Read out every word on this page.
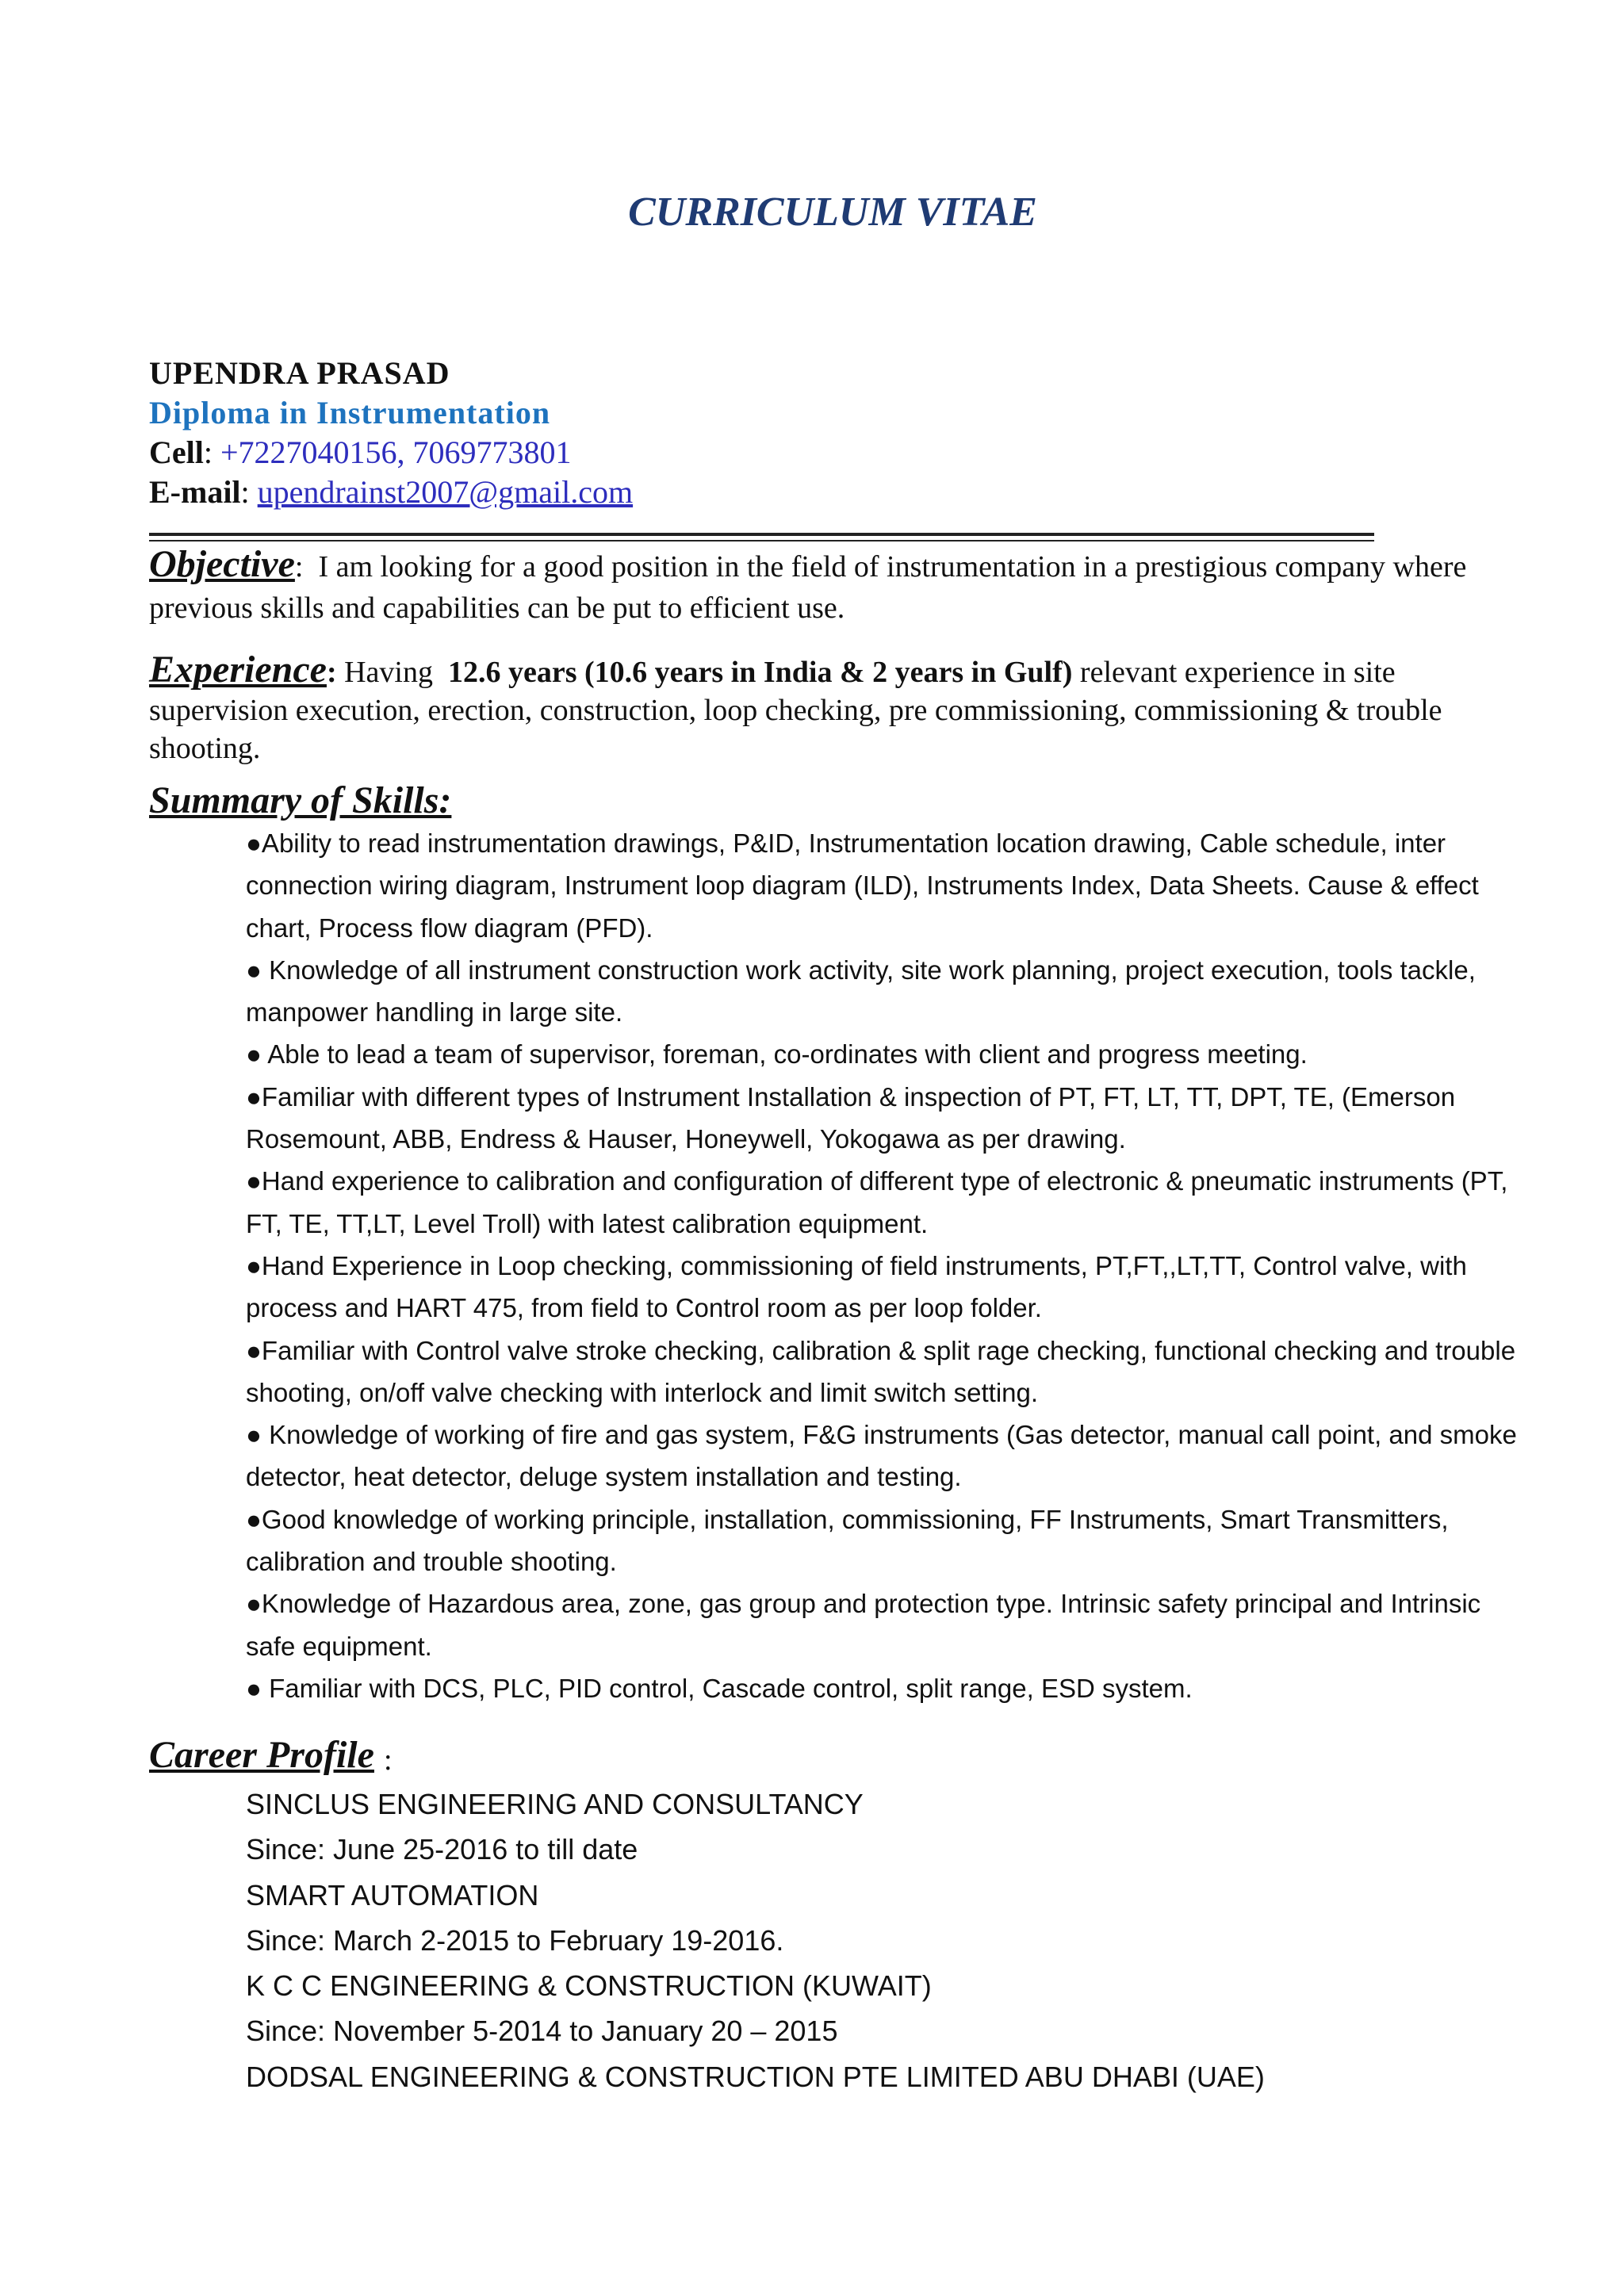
CURRICULUM VITAE
UPENDRA PRASAD
Diploma in Instrumentation
Cell: +7227040156, 7069773801
E-mail: upendrainst2007@gmail.com
Objective:  I am looking for a good position in the field of instrumentation in a prestigious company where previous skills and capabilities can be put to efficient use.
Experience: Having 12.6 years (10.6 years in India & 2 years in Gulf) relevant experience in site supervision execution, erection, construction, loop checking, pre commissioning, commissioning & trouble shooting.
Summary of Skills:
●Ability to read instrumentation drawings, P&ID, Instrumentation location drawing, Cable schedule, inter connection wiring diagram, Instrument loop diagram (ILD), Instruments Index, Data Sheets. Cause & effect chart, Process flow diagram (PFD).
● Knowledge of all instrument construction work activity, site work planning, project execution, tools tackle, manpower handling in large site.
● Able to lead a team of supervisor, foreman, co-ordinates with client and progress meeting.
●Familiar with different types of Instrument Installation & inspection of PT, FT, LT, TT, DPT, TE, (Emerson Rosemount, ABB, Endress & Hauser, Honeywell, Yokogawa as per drawing.
●Hand experience to calibration and configuration of different type of electronic & pneumatic instruments (PT, FT, TE, TT,LT, Level Troll) with latest calibration equipment.
●Hand Experience in Loop checking, commissioning of field instruments, PT,FT,,LT,TT, Control valve, with process and HART 475, from field to Control room as per loop folder.
●Familiar with Control valve stroke checking, calibration & split rage checking, functional checking and trouble shooting, on/off valve checking with interlock and limit switch setting.
● Knowledge of working of fire and gas system, F&G instruments (Gas detector, manual call point, and smoke detector, heat detector, deluge system installation and testing.
●Good knowledge of working principle, installation, commissioning, FF Instruments, Smart Transmitters, calibration and trouble shooting.
●Knowledge of Hazardous area, zone, gas group and protection type. Intrinsic safety principal and Intrinsic safe equipment.
● Familiar with DCS, PLC, PID control, Cascade control, split range, ESD system.
Career Profile :
SINCLUS ENGINEERING AND CONSULTANCY
Since: June 25-2016 to till date
SMART AUTOMATION
Since: March 2-2015 to February 19-2016.
K C C ENGINEERING & CONSTRUCTION (KUWAIT)
Since: November 5-2014 to January 20 – 2015
DODSAL ENGINEERING & CONSTRUCTION PTE LIMITED ABU DHABI (UAE)
